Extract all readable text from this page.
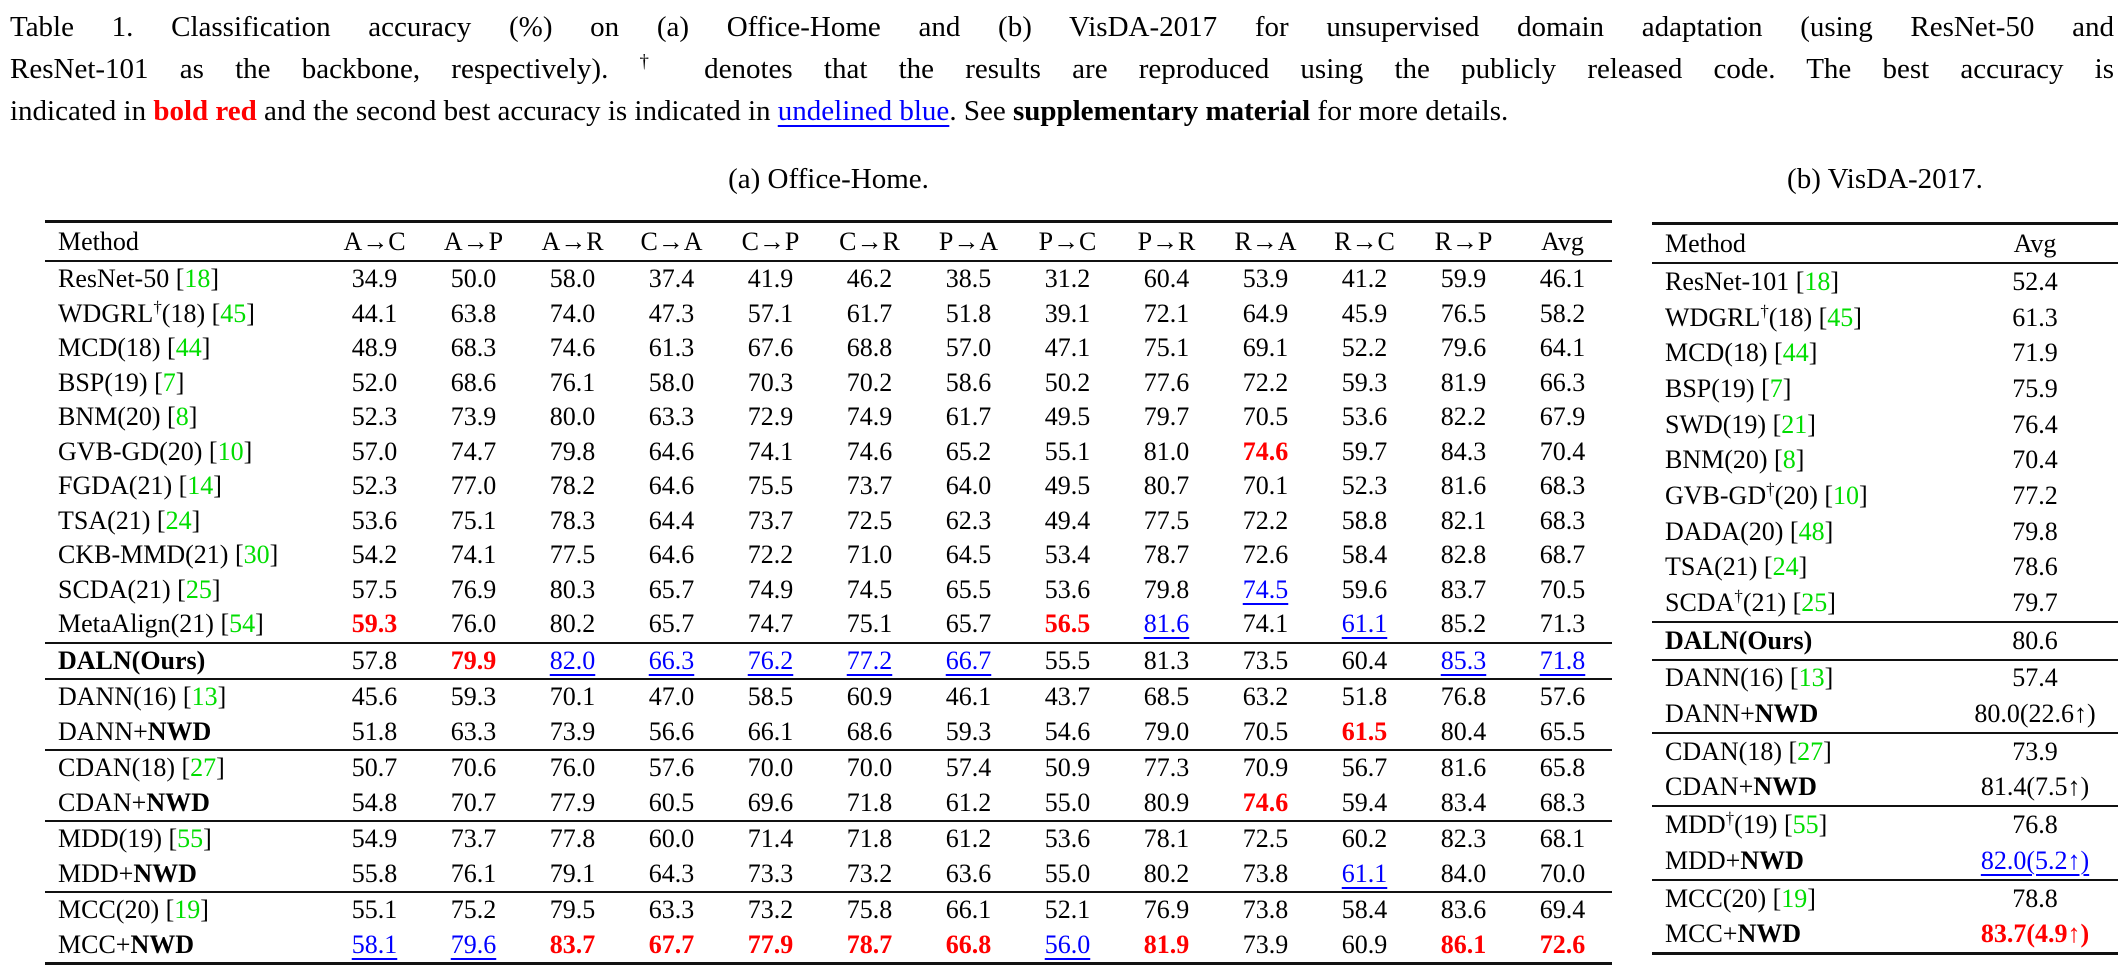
Table 1. Classification accuracy (%) on (a) Office-Home and (b) VisDA-2017 for unsupervised domain adaptation (using ResNet-50 and
ResNet-101 as the backbone, respectively). † denotes that the results are reproduced using the publicly released code. The best accuracy is
indicated in bold red and the second best accuracy is indicated in undelined blue. See supplementary material for more details.
(a) Office-Home.	(b) VisDA-2017.
Method	A→C	A→P	A→R	C→A	C→P	C→R	P→A	P→C	P→R	R→A	R→C	R→P	Avg
ResNet-50 [18]	34.9	50.0	58.0	37.4	41.9	46.2	38.5	31.2	60.4	53.9	41.2	59.9	46.1
WDGRL†(18) [45]	44.1	63.8	74.0	47.3	57.1	61.7	51.8	39.1	72.1	64.9	45.9	76.5	58.2
MCD(18) [44]	48.9	68.3	74.6	61.3	67.6	68.8	57.0	47.1	75.1	69.1	52.2	79.6	64.1
BSP(19) [7]	52.0	68.6	76.1	58.0	70.3	70.2	58.6	50.2	77.6	72.2	59.3	81.9	66.3
BNM(20) [8]	52.3	73.9	80.0	63.3	72.9	74.9	61.7	49.5	79.7	70.5	53.6	82.2	67.9
GVB-GD(20) [10]	57.0	74.7	79.8	64.6	74.1	74.6	65.2	55.1	81.0	74.6	59.7	84.3	70.4
FGDA(21) [14]	52.3	77.0	78.2	64.6	75.5	73.7	64.0	49.5	80.7	70.1	52.3	81.6	68.3
TSA(21) [24]	53.6	75.1	78.3	64.4	73.7	72.5	62.3	49.4	77.5	72.2	58.8	82.1	68.3
CKB-MMD(21) [30]	54.2	74.1	77.5	64.6	72.2	71.0	64.5	53.4	78.7	72.6	58.4	82.8	68.7
SCDA(21) [25]	57.5	76.9	80.3	65.7	74.9	74.5	65.5	53.6	79.8	74.5	59.6	83.7	70.5
MetaAlign(21) [54]	59.3	76.0	80.2	65.7	74.7	75.1	65.7	56.5	81.6	74.1	61.1	85.2	71.3
DALN(Ours)	57.8	79.9	82.0	66.3	76.2	77.2	66.7	55.5	81.3	73.5	60.4	85.3	71.8
DANN(16) [13]	45.6	59.3	70.1	47.0	58.5	60.9	46.1	43.7	68.5	63.2	51.8	76.8	57.6
DANN+NWD	51.8	63.3	73.9	56.6	66.1	68.6	59.3	54.6	79.0	70.5	61.5	80.4	65.5
CDAN(18) [27]	50.7	70.6	76.0	57.6	70.0	70.0	57.4	50.9	77.3	70.9	56.7	81.6	65.8
CDAN+NWD	54.8	70.7	77.9	60.5	69.6	71.8	61.2	55.0	80.9	74.6	59.4	83.4	68.3
MDD(19) [55]	54.9	73.7	77.8	60.0	71.4	71.8	61.2	53.6	78.1	72.5	60.2	82.3	68.1
MDD+NWD	55.8	76.1	79.1	64.3	73.3	73.2	63.6	55.0	80.2	73.8	61.1	84.0	70.0
MCC(20) [19]	55.1	75.2	79.5	63.3	73.2	75.8	66.1	52.1	76.9	73.8	58.4	83.6	69.4
MCC+NWD	58.1	79.6	83.7	67.7	77.9	78.7	66.8	56.0	81.9	73.9	60.9	86.1	72.6
Method	Avg
ResNet-101 [18]	52.4
WDGRL†(18) [45]	61.3
MCD(18) [44]	71.9
BSP(19) [7]	75.9
SWD(19) [21]	76.4
BNM(20) [8]	70.4
GVB-GD†(20) [10]	77.2
DADA(20) [48]	79.8
TSA(21) [24]	78.6
SCDA†(21) [25]	79.7
DALN(Ours)	80.6
DANN(16) [13]	57.4
DANN+NWD	80.0(22.6↑)
CDAN(18) [27]	73.9
CDAN+NWD	81.4(7.5↑)
MDD†(19) [55]	76.8
MDD+NWD	82.0(5.2↑)
MCC(20) [19]	78.8
MCC+NWD	83.7(4.9↑)
